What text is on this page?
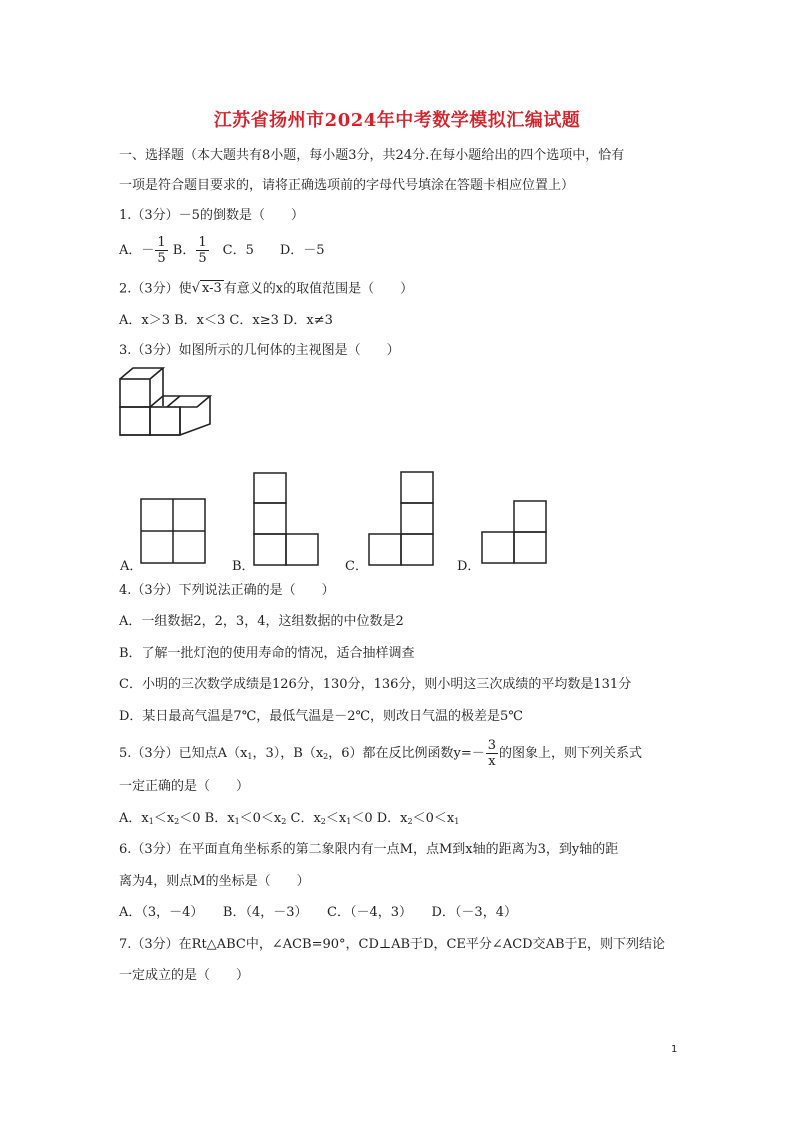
江苏省扬州市2024年中考数学模拟汇编试题
一、选择题（本大题共有8小题，每小题3分，共24分.在每小题给出的四个选项中，恰有
一项是符合题目要求的，请将正确选项前的字母代号填涂在答题卡相应位置上）
1.（3分）－5的倒数是（　　）
A．－ $\frac{1}{5}$ B． $\frac{1}{5}$ 　C．5　　D．－5
2.（3分）使√ x-3 有意义的x的取值范围是（　　）
A．x＞3 B．x＜3 C．x≥3 D．x≠3
3.（3分）如图所示的几何体的主视图是（　　）
A．	B．	C．	D．
4.（3分）下列说法正确的是（　　）
A．一组数据2，2，3，4，这组数据的中位数是2
B．了解一批灯泡的使用寿命的情况，适合抽样调查
C．小明的三次数学成绩是126分，130分，136分，则小明这三次成绩的平均数是131分
D．某日最高气温是7℃，最低气温是－2℃，则改日气温的极差是5℃
5.（3分）已知点$A(x_1$，3），$B(x_2$，6）都在反比例函数$y=- \frac{3}{x}$ 的图象上，则下列关系式
一定正确的是（　　）
A．$x_1<x_2<0$ B．$x_1<0<x_2$ C．$x_2<x_1<0$ D．$x_2<0<x_1$
6.（3分）在平面直角坐标系的第二象限内有一点M，点M到x轴的距离为3，到y轴的距
离为4，则点M的坐标是（　　）
A．（3，－4）　　B．（4，－3）　　C．（－4，3）　　D．（－3，4）
7.（3分）在Rt△ABC中，∠ACB=90°，CD⊥AB于D，CE平分∠ACD交AB于E，则下列结论
一定成立的是（　　）
1
